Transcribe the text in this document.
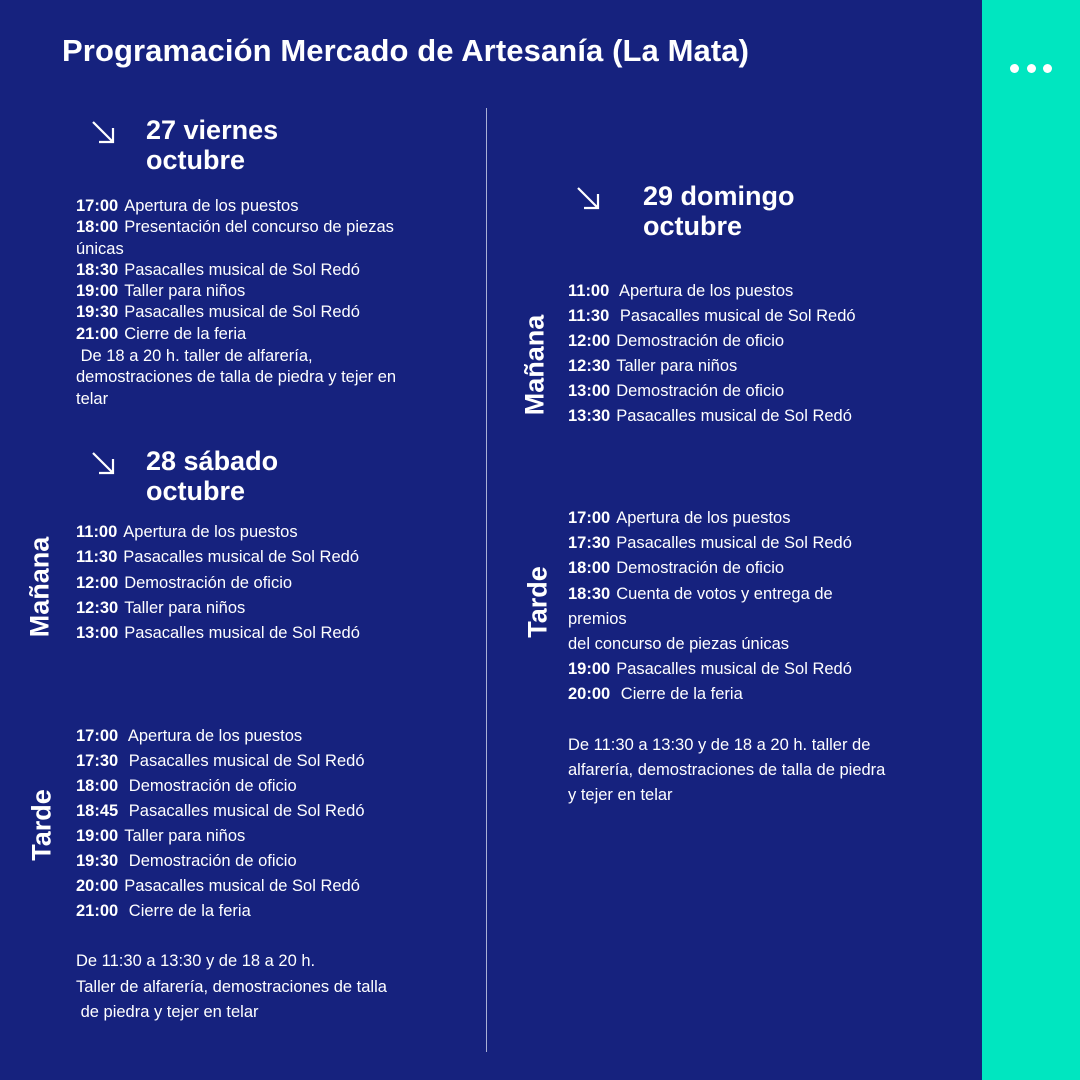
Programación Mercado de Artesanía (La Mata)
27 viernes
octubre
17:00 Apertura de los puestos
18:00 Presentación del concurso de piezas
únicas
18:30 Pasacalles musical de Sol Redó
19:00 Taller para niños
19:30 Pasacalles musical de Sol Redó
21:00 Cierre de la feria
De 18 a 20 h. taller de alfarería,
demostraciones de talla de piedra y tejer en
telar
28 sábado
octubre
Mañana
11:00 Apertura de los puestos
11:30 Pasacalles musical de Sol Redó
12:00 Demostración de oficio
12:30 Taller para niños
13:00 Pasacalles musical de Sol Redó
Tarde
17:00 Apertura de los puestos
17:30 Pasacalles musical de Sol Redó
18:00 Demostración de oficio
18:45 Pasacalles musical de Sol Redó
19:00 Taller para niños
19:30 Demostración de oficio
20:00 Pasacalles musical de Sol Redó
21:00 Cierre de la feria
De 11:30 a 13:30 y de 18 a 20 h.
Taller de alfarería, demostraciones de talla
de piedra y tejer en telar
29 domingo
octubre
Mañana
11:00 Apertura de los puestos
11:30 Pasacalles musical de Sol Redó
12:00 Demostración de oficio
12:30 Taller para niños
13:00 Demostración de oficio
13:30 Pasacalles musical de Sol Redó
Tarde
17:00 Apertura de los puestos
17:30 Pasacalles musical de Sol Redó
18:00 Demostración de oficio
18:30 Cuenta de votos y entrega de
premios
del concurso de piezas únicas
19:00 Pasacalles musical de Sol Redó
20:00 Cierre de la feria
De 11:30 a 13:30 y de 18 a 20 h. taller de
alfarería, demostraciones de talla de piedra
y tejer en telar
